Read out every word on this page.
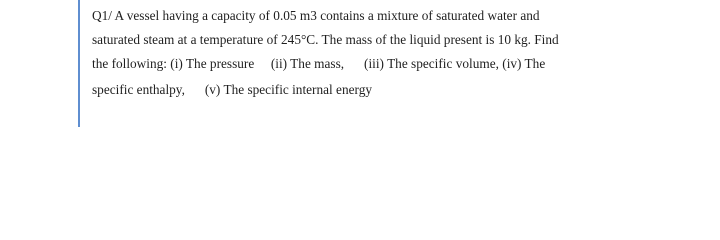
Q1/ A vessel having a capacity of 0.05 m3 contains a mixture of saturated water and
saturated steam at a temperature of 245°C. The mass of the liquid present is 10 kg. Find
the following: (i) The pressure     (ii) The mass,      (iii) The specific volume, (iv) The
specific enthalpy,      (v) The specific internal energy
